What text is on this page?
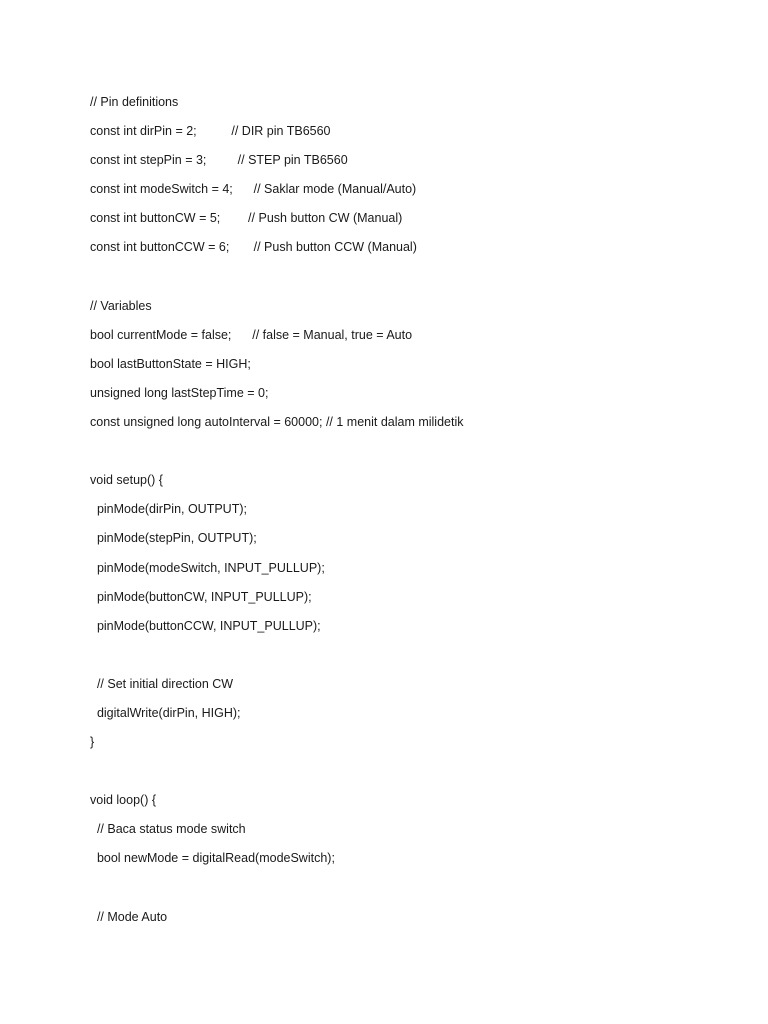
// Pin definitions
const int dirPin = 2;          // DIR pin TB6560
const int stepPin = 3;         // STEP pin TB6560
const int modeSwitch = 4;      // Saklar mode (Manual/Auto)
const int buttonCW = 5;        // Push button CW (Manual)
const int buttonCCW = 6;       // Push button CCW (Manual)
// Variables
bool currentMode = false;      // false = Manual, true = Auto
bool lastButtonState = HIGH;
unsigned long lastStepTime = 0;
const unsigned long autoInterval = 60000; // 1 menit dalam milidetik
void setup() {
pinMode(dirPin, OUTPUT);
pinMode(stepPin, OUTPUT);
pinMode(modeSwitch, INPUT_PULLUP);
pinMode(buttonCW, INPUT_PULLUP);
pinMode(buttonCCW, INPUT_PULLUP);
// Set initial direction CW
digitalWrite(dirPin, HIGH);
}
void loop() {
// Baca status mode switch
bool newMode = digitalRead(modeSwitch);
// Mode Auto
